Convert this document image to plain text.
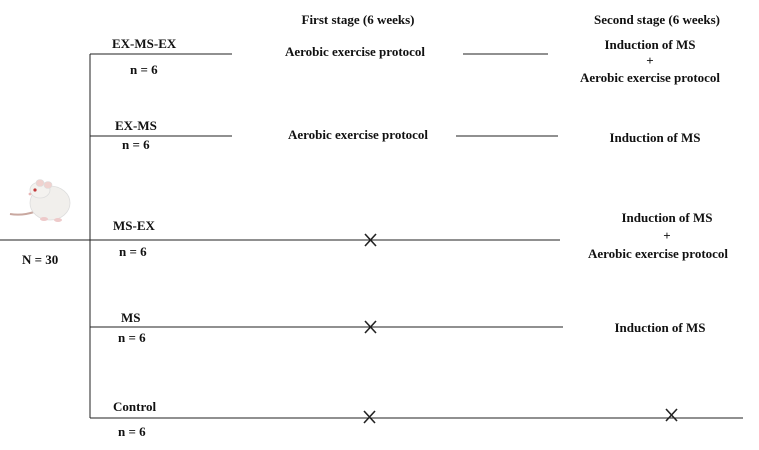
First stage (6 weeks)	Second stage (6 weeks)
N = 30
EX-MS-EX
n = 6
Aerobic exercise protocol	Induction of MS
+
Aerobic exercise protocol
EX-MS
n = 6
Aerobic exercise protocol	Induction of MS
MS-EX
n = 6
Induction of MS
+
Aerobic exercise protocol
MS
n = 6
Induction of MS
Control
n = 6
